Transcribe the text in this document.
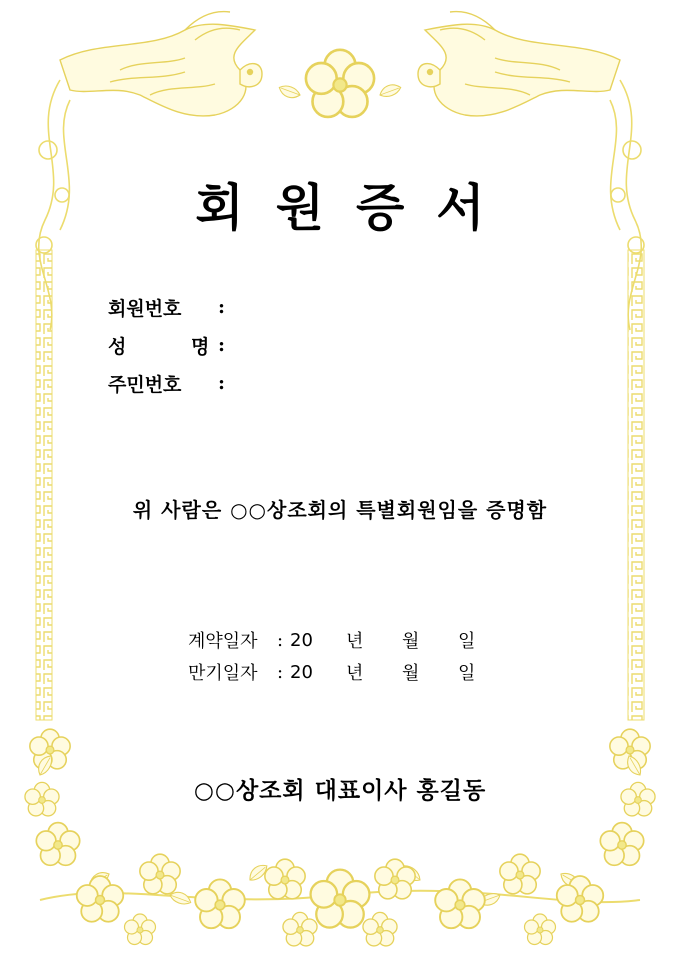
회원증서
회원번호 :
성 명 :
주민번호 :
위 사람은 ○○상조회의 특별회원임을 증명함
계약일자	: 20	년	월	일
만기일자	: 20	년	월	일
○○상조회 대표이사 홍길동
